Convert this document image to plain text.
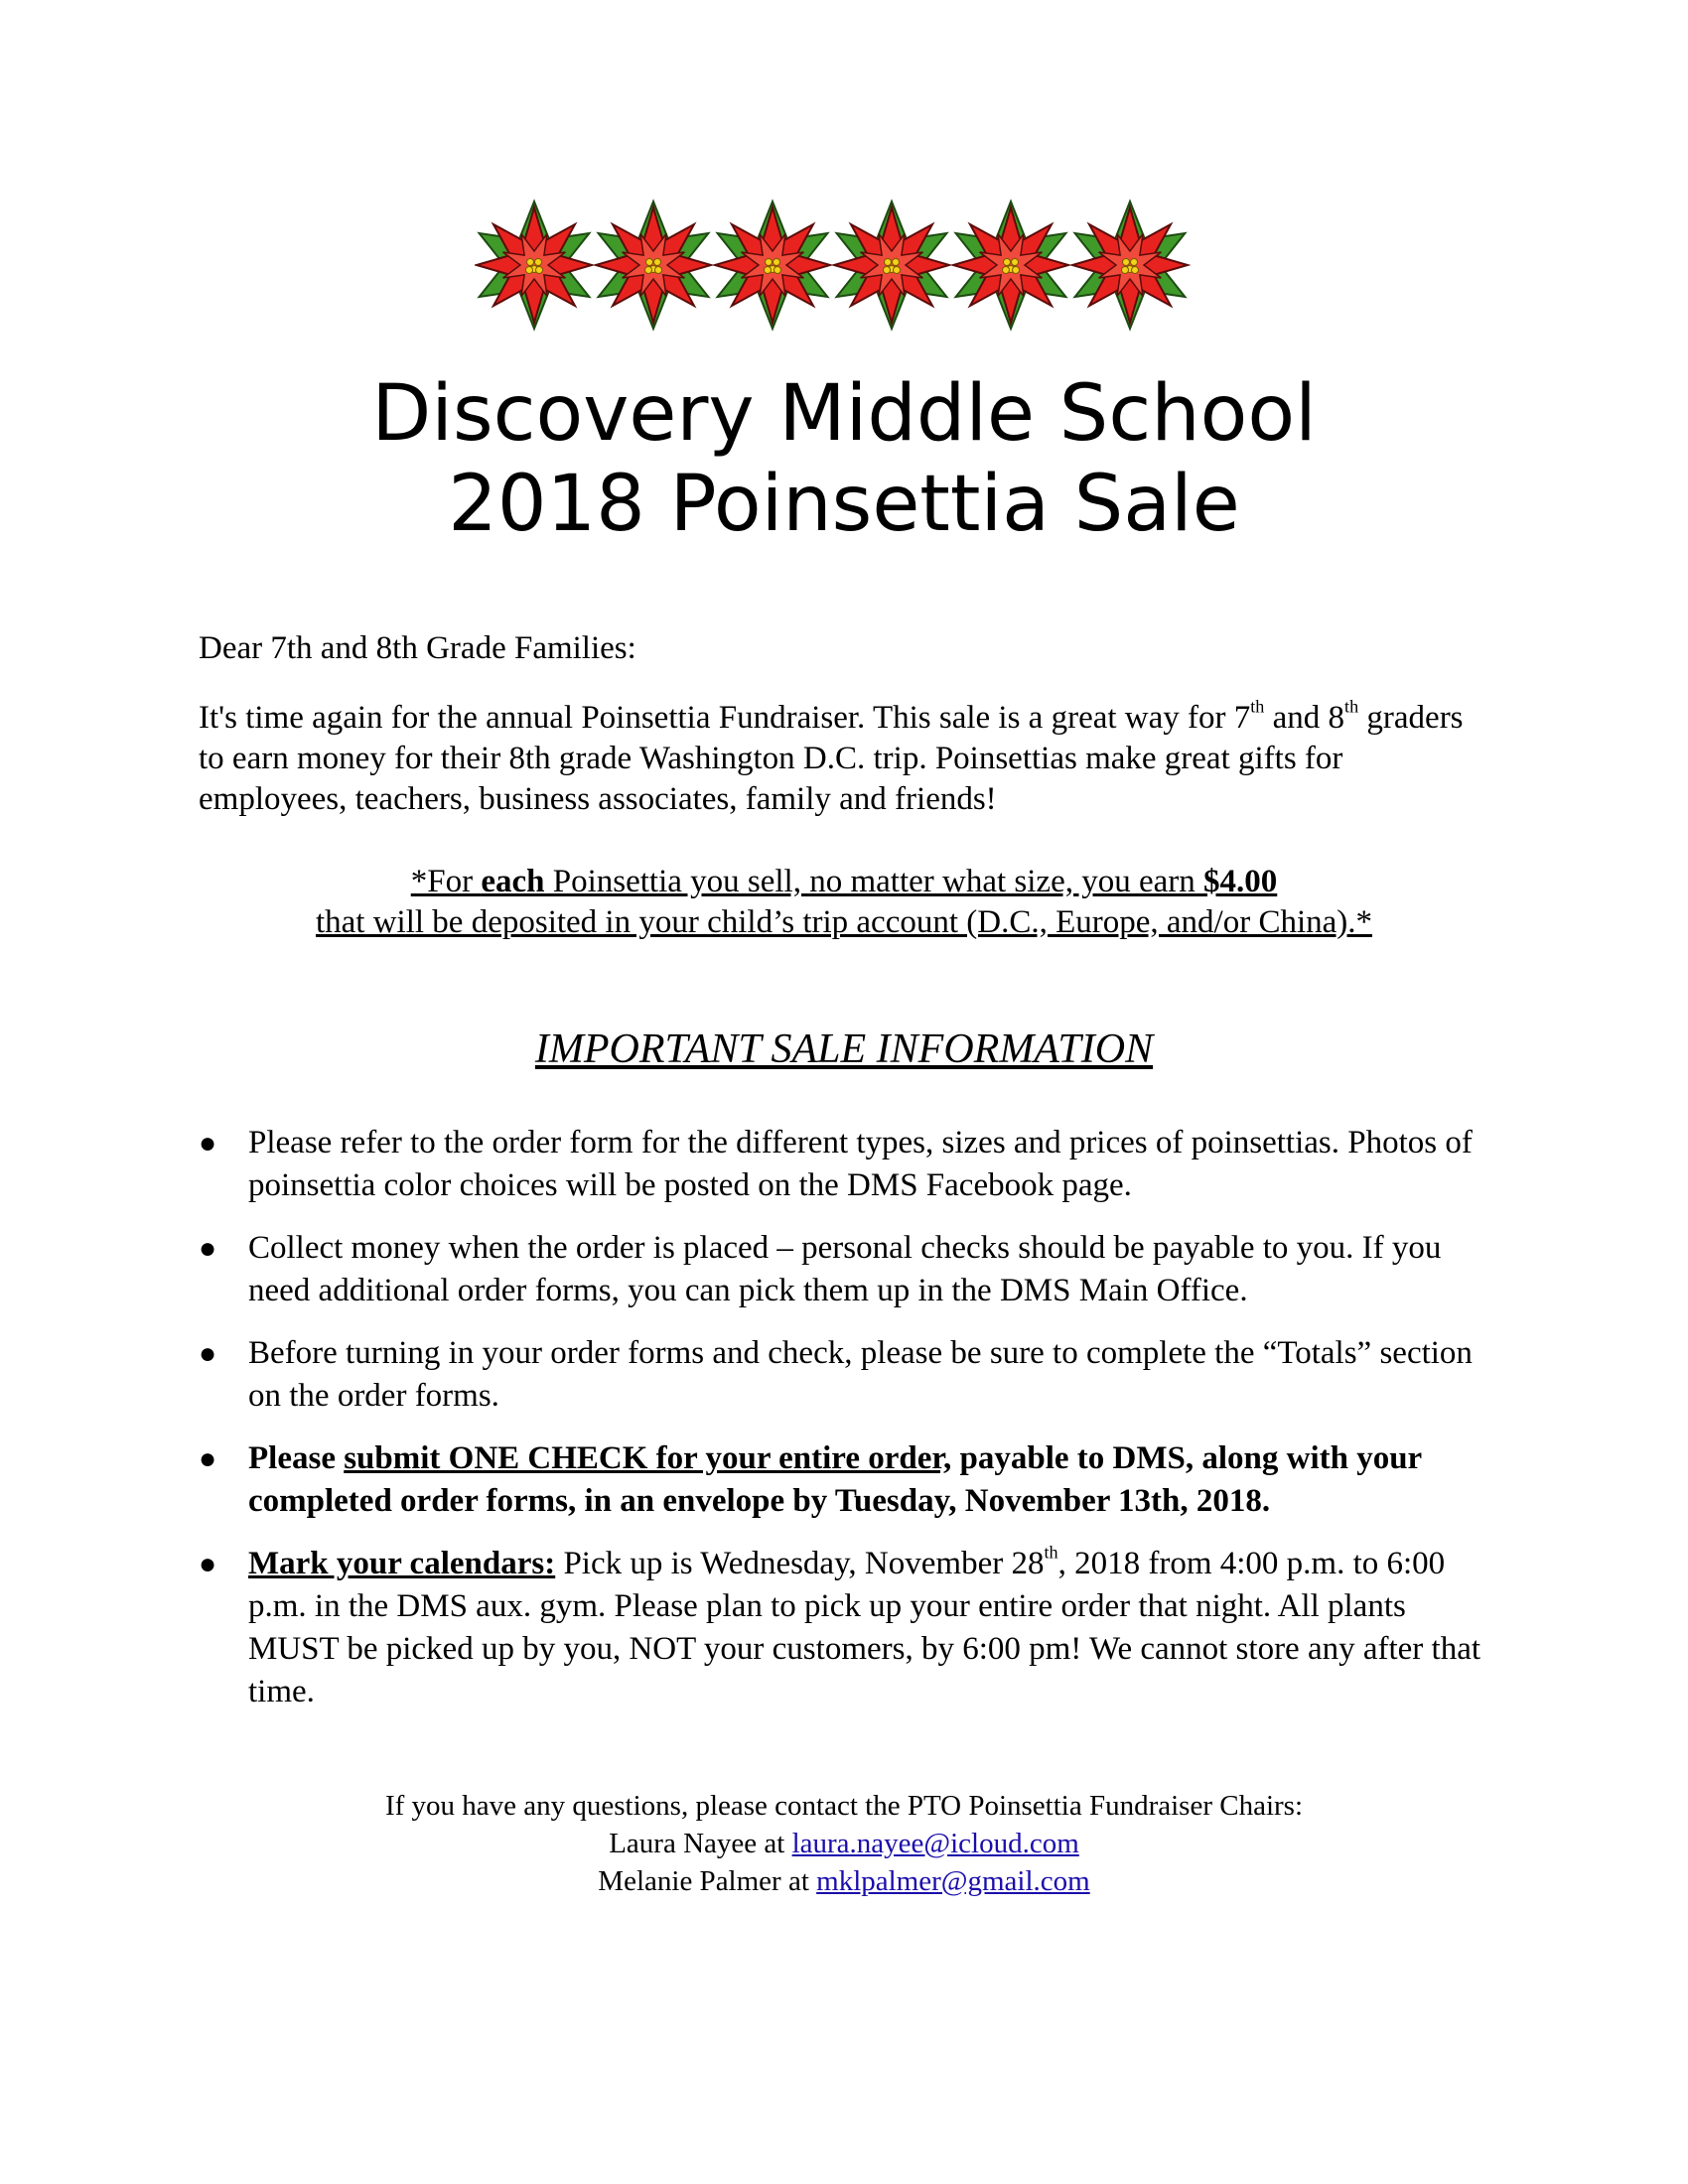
Discovery Middle School
2018 Poinsettia Sale
Dear 7th and 8th Grade Families:
It's time again for the annual Poinsettia Fundraiser. This sale is a great way for 7th and 8th graders to earn money for their 8th grade Washington D.C. trip. Poinsettias make great gifts for employees, teachers, business associates, family and friends!
*For each Poinsettia you sell, no matter what size, you earn $4.00
that will be deposited in your child’s trip account (D.C., Europe, and/or China).*
IMPORTANT SALE INFORMATION
● Please refer to the order form for the different types, sizes and prices of poinsettias. Photos of poinsettia color choices will be posted on the DMS Facebook page.
● Collect money when the order is placed – personal checks should be payable to you. If you need additional order forms, you can pick them up in the DMS Main Office.
● Before turning in your order forms and check, please be sure to complete the “Totals” section on the order forms.
● Please submit ONE CHECK for your entire order, payable to DMS, along with your completed order forms, in an envelope by Tuesday, November 13th, 2018.
● Mark your calendars: Pick up is Wednesday, November 28th, 2018 from 4:00 p.m. to 6:00 p.m. in the DMS aux. gym. Please plan to pick up your entire order that night. All plants MUST be picked up by you, NOT your customers, by 6:00 pm! We cannot store any after that time.
If you have any questions, please contact the PTO Poinsettia Fundraiser Chairs:
Laura Nayee at laura.nayee@icloud.com
Melanie Palmer at mklpalmer@gmail.com
